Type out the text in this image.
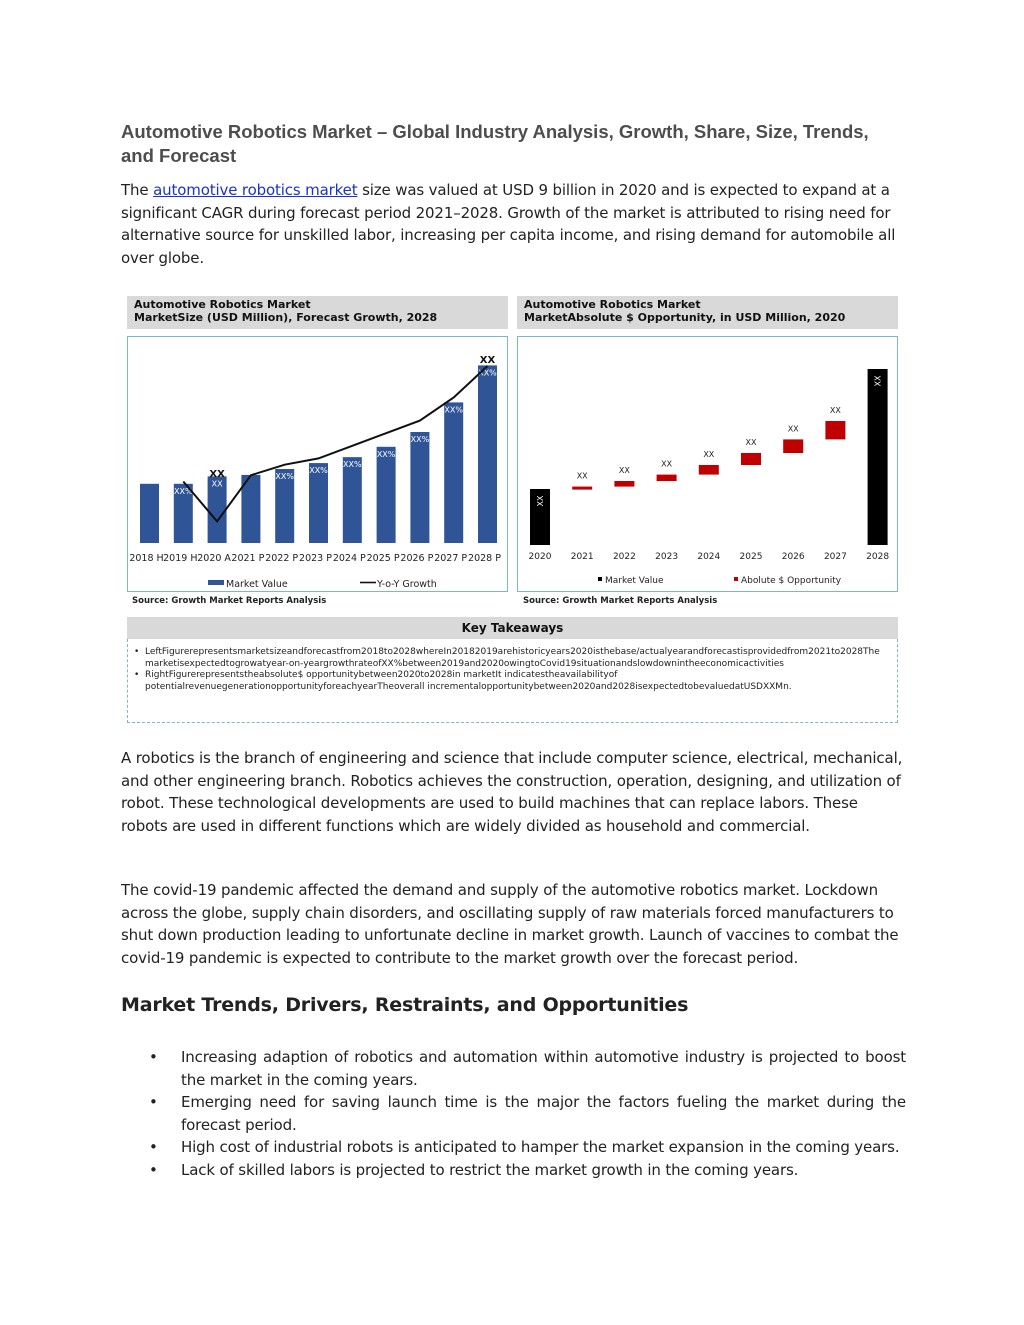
Automotive Robotics Market – Global Industry Analysis, Growth, Share, Size, Trends, and Forecast

The automotive robotics market size was valued at USD 9 billion in 2020 and is expected to expand at a significant CAGR during forecast period 2021–2028. Growth of the market is attributed to rising need for alternative source for unskilled labor, increasing per capita income, and rising demand for automobile all over globe.

Automotive Robotics Market
MarketSize (USD Million), Forecast Growth, 2028
Automotive Robotics Market
MarketAbsolute $ Opportunity, in USD Million, 2020
2018 H
XX%
2019 H
XX
2020 A 2021 P
XX%
2022 P
XX%
2023 P
XX%
2024 P
XX%
2025 P
XX%
2026 P
XX%
2027 P
XX%
2028 P
XX
XX
Market Value	Y-o-Y Growth
XX
2020
XX
2021
XX
2022
XX
2023
XX
2024
XX
2025
XX
2026
XX
2027
XX
2028
Market Value	Abolute $ Opportunity
Source: Growth Market Reports Analysis	Source: Growth Market Reports Analysis
Key Takeaways
• LeftFigurerepresentsmarketsizeandforecastfrom2018to2028whereIn20182019arehistoricyears2020isthebase/actualyearandforecastisprovidedfrom2021to2028The marketisexpectedtogrowatyear-on-yeargrowthrateofXX%between2019and2020owingtoCovid19situationandslowdownintheeconomicactivities
• RightFigurerepresentstheabsolute$ opportunitybetween2020to2028in marketIt indicatestheavailabilityof potentialrevenuegenerationopportunityforeachyearTheoverall incrementalopportunitybetween2020and2028isexpectedtobevaluedatUSDXXMn.

A robotics is the branch of engineering and science that include computer science, electrical, mechanical, and other engineering branch. Robotics achieves the construction, operation, designing, and utilization of robot. These technological developments are used to build machines that can replace labors. These robots are used in different functions which are widely divided as household and commercial.

The covid-19 pandemic affected the demand and supply of the automotive robotics market. Lockdown across the globe, supply chain disorders, and oscillating supply of raw materials forced manufacturers to shut down production leading to unfortunate decline in market growth. Launch of vaccines to combat the covid-19 pandemic is expected to contribute to the market growth over the forecast period.

Market Trends, Drivers, Restraints, and Opportunities
• Increasing adaption of robotics and automation within automotive industry is projected to boost the market in the coming years.
• Emerging need for saving launch time is the major the factors fueling the market during the forecast period.
• High cost of industrial robots is anticipated to hamper the market expansion in the coming years.
• Lack of skilled labors is projected to restrict the market growth in the coming years.
